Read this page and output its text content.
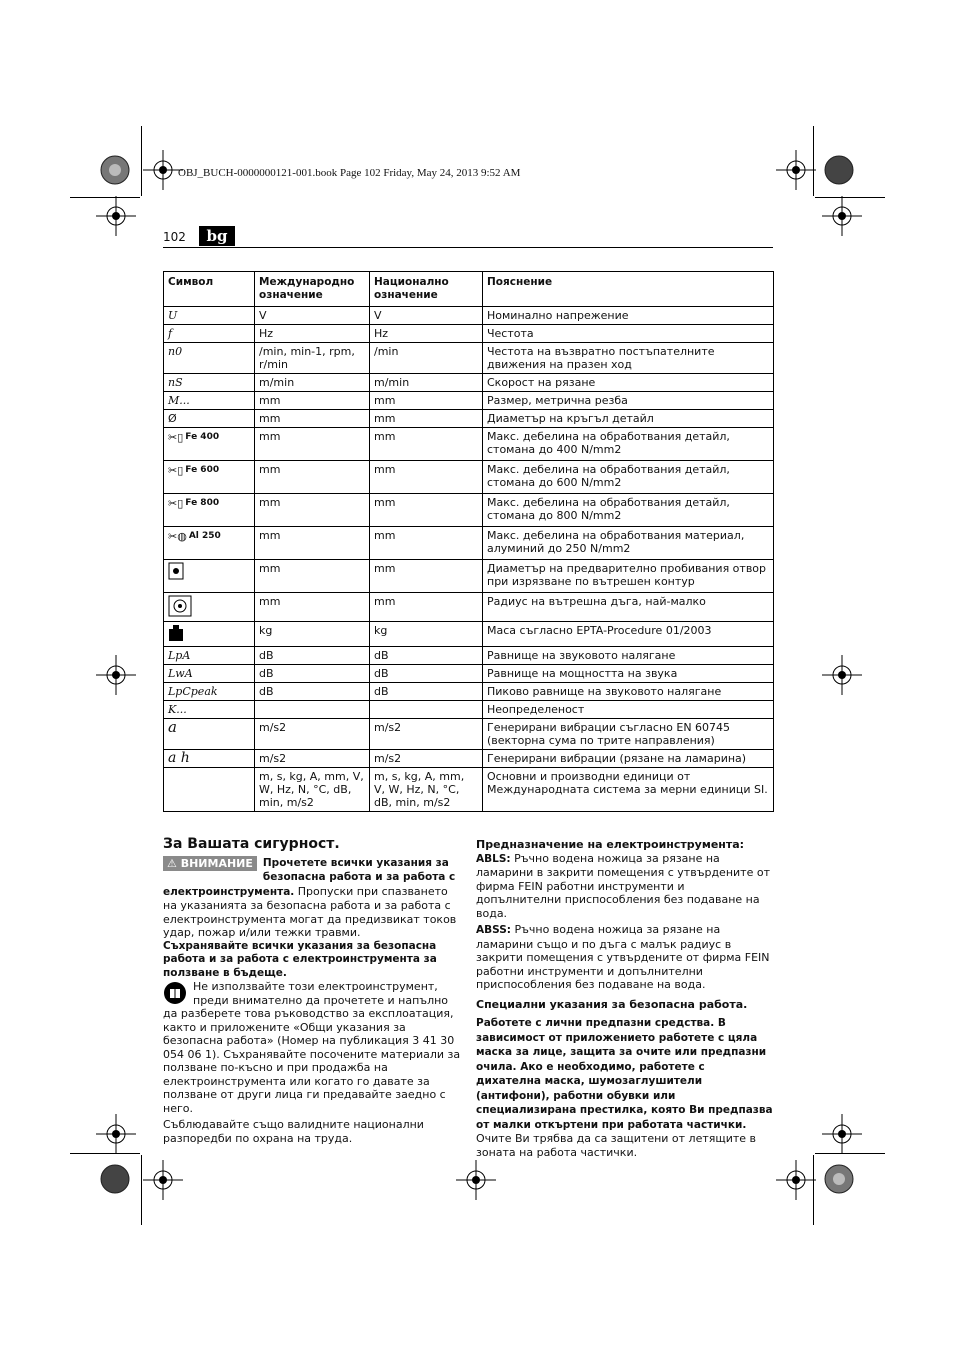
OBJ_BUCH-0000000121-001.book Page 102 Friday, May 24, 2013 9:52 AM
102	bg
Символ	Международно означение	Национално означение	Пояснение
U	V	V	Номинално напрежение
f	Hz	Hz	Честота
n0	/min, min-1, rpm, r/min	/min	Честота на възвратно постъпателните движения на празен ход
nS	m/min	m/min	Скорост на рязане
M...	mm	mm	Размер, метрична резба
Ø	mm	mm	Диаметър на кръгъл детайл
✂▯ Fe 400	mm	mm	Макс. дебелина на обработвания детайл, стомана до 400 N/mm2
✂▯ Fe 600	mm	mm	Макс. дебелина на обработвания детайл, стомана до 600 N/mm2
✂▯ Fe 800	mm	mm	Макс. дебелина на обработвания детайл, стомана до 800 N/mm2
✂◍ Al 250	mm	mm	Макс. дебелина на обработвания материал, алуминий до 250 N/mm2
	mm	mm	Диаметър на предварително пробивания отвор при изрязване по вътрешен контур
	mm	mm	Радиус на вътрешна дъга, най-малко
	kg	kg	Маса съгласно EPTA-Procedure 01/2003
LpA	dB	dB	Равнище на звуковото налягане
LwA	dB	dB	Равнище на мощността на звука
LpCpeak	dB	dB	Пиково равнище на звуковото налягане
K...			Неопределеност
a	m/s2	m/s2	Генерирани вибрации съгласно EN 60745 (векторна сума по трите направления)
a h	m/s2	m/s2	Генерирани вибрации (рязане на ламарина)
	m, s, kg, A, mm, V, W, Hz, N, °C, dB, min, m/s2	m, s, kg, A, mm, V, W, Hz, N, °C, dB, min, m/s2	Основни и производни единици от Международната система за мерни единици SI.
За Вашата сигурност.

⚠ ВНИМАНИЕ Прочетете всички указания за безопасна работа и за работа с електроинструмента. Пропуски при спазването на указанията за безопасна работа и за работа с електроинструмента могат да предизвикат токов удар, пожар и/или тежки травми.

Съхранявайте всички указания за безопасна работа и за работа с електроинструмента за ползване в бъдеще.

Не използвайте този електроинструмент, преди внимателно да прочетете и напълно да разберете това ръководство за експлоатация, както и приложените «Общи указания за безопасна работа» (Номер на публикация 3 41 30 054 06 1). Съхранявайте посочените материали за ползване по-късно и при продажба на електроинструмента или когато го давате за ползване от други лица ги предавайте заедно с него.

Съблюдавайте също валидните национални разпоредби по охрана на труда.

Предназначение на електроинструмента:

ABLS: Ръчно водена ножица за рязане на ламарини в закрити помещения с утвърдените от фирма FEIN работни инструменти и допълнителни приспособления без подаване на вода.

ABSS: Ръчно водена ножица за рязане на ламарини също и по дъга с малък радиус в закрити помещения с утвърдените от фирма FEIN работни инструменти и допълнителни приспособления без подаване на вода.

Специални указания за безопасна работа.

Работете с лични предпазни средства. В зависимост от приложението работете с цяла маска за лице, защита за очите или предпазни очила. Ако е необходимо, работете с дихателна маска, шумозаглушители (антифони), работни обувки или специализирана престилка, която Ви предпазва от малки откъртени при работата частички. Очите Ви трябва да са защитени от летящите в зоната на работа частички.
